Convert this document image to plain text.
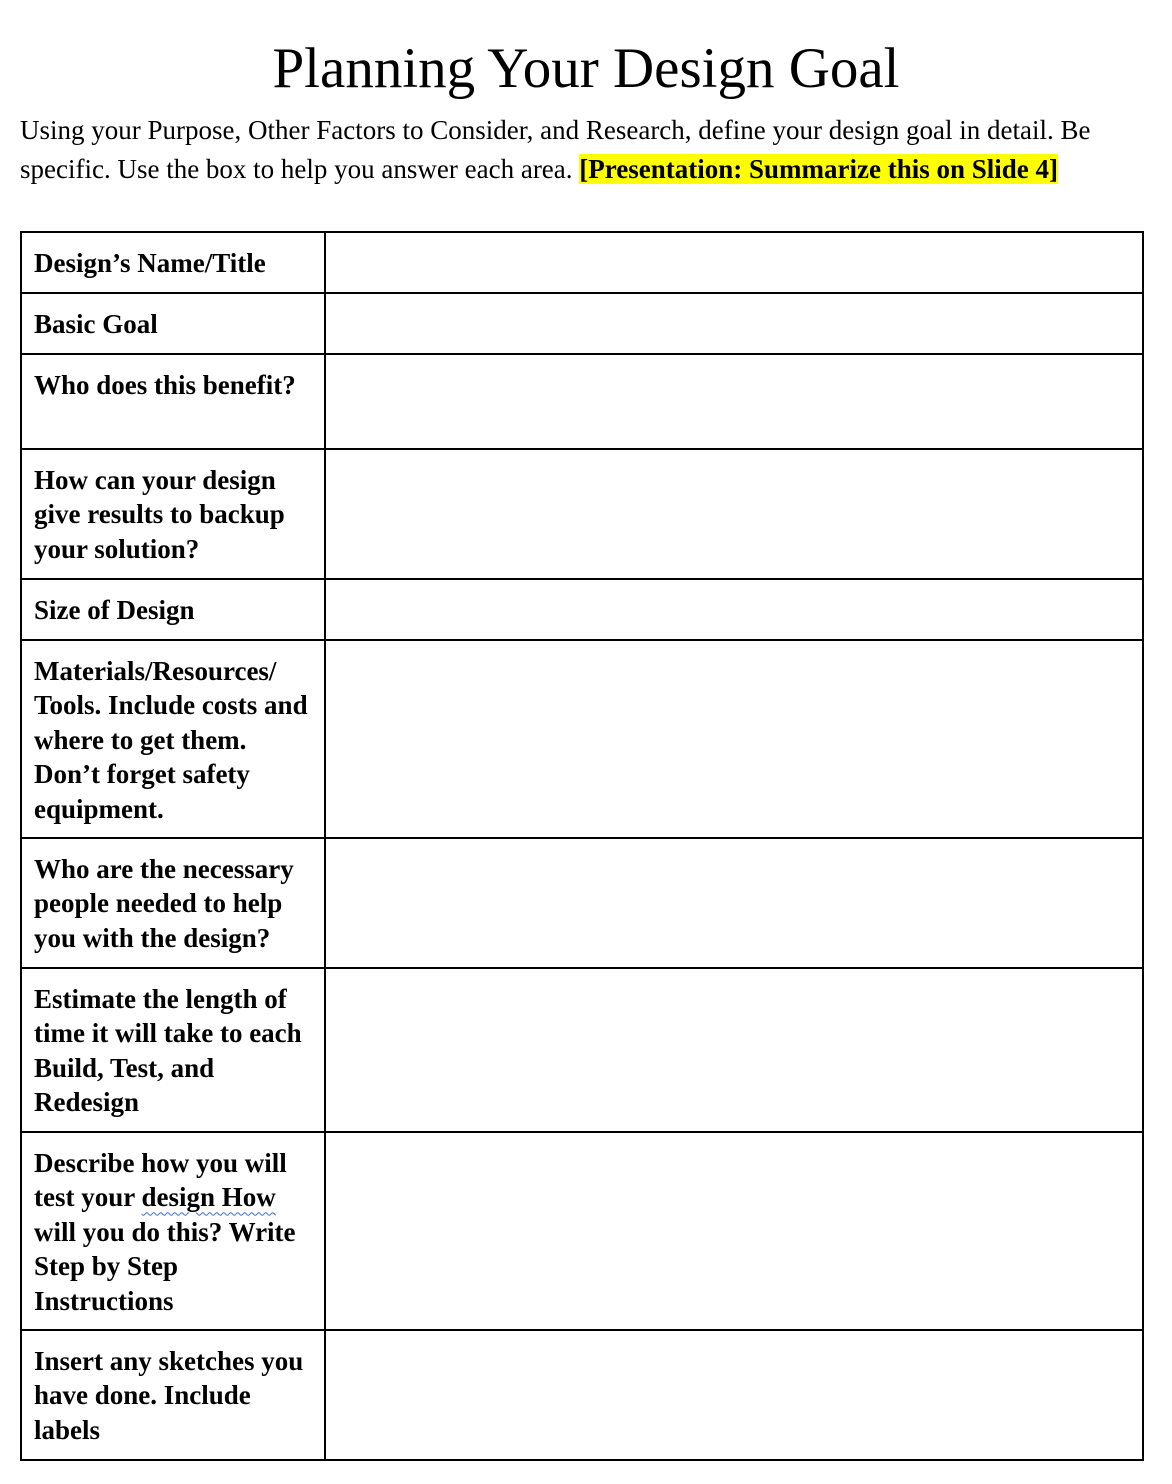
Planning Your Design Goal

Using your Purpose, Other Factors to Consider, and Research, define your design goal in detail. Be specific. Use the box to help you answer each area. [Presentation: Summarize this on Slide 4]

Design’s Name/Title	

Basic Goal	

Who does this benefit?	

How can your design give results to backup your solution?	

Size of Design	

Materials/Resources/ Tools. Include costs and where to get them. Don’t forget safety equipment.	

Who are the necessary people needed to help you with the design?	

Estimate the length of time it will take to each Build, Test, and Redesign	

Describe how you will test your design How will you do this? Write Step by Step Instructions	

Insert any sketches you have done. Include labels	
